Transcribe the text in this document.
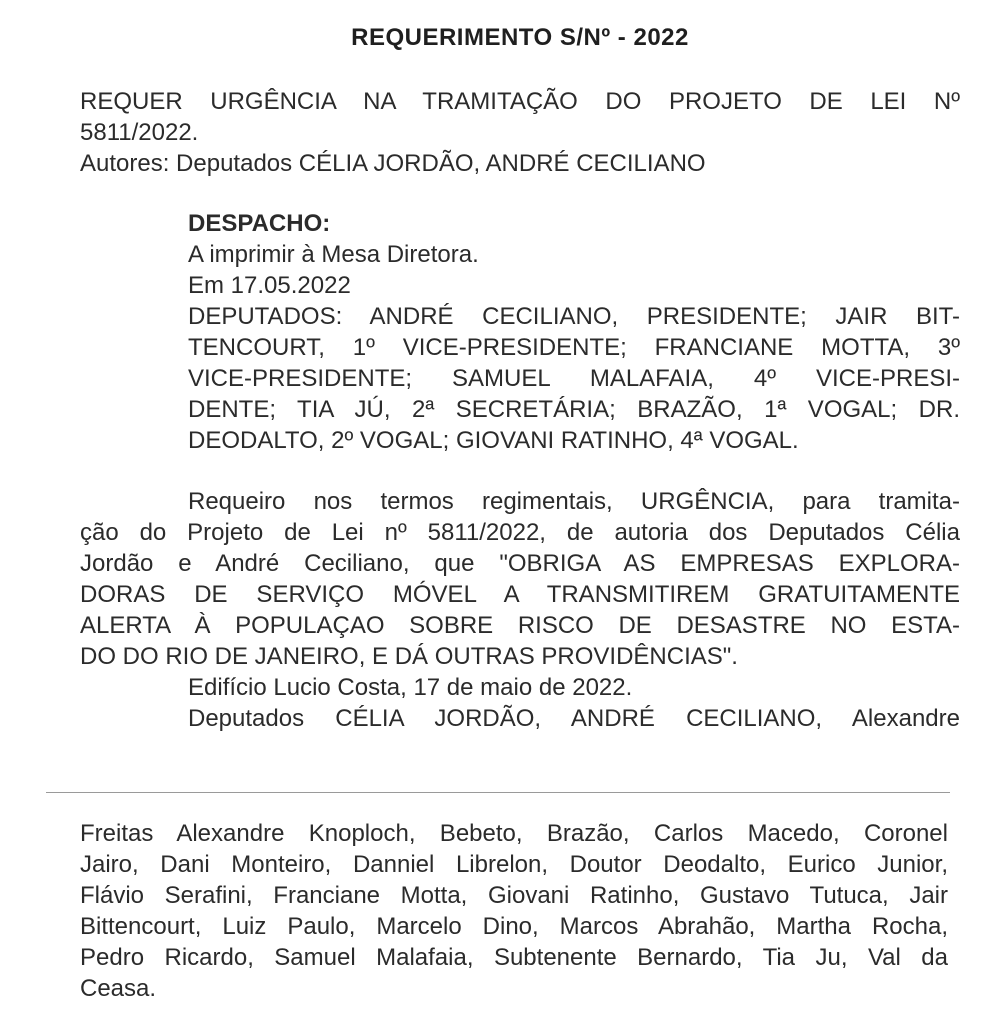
REQUERIMENTO S/Nº - 2022
REQUER URGÊNCIA NA TRAMITAÇÃO DO PROJETO DE LEI Nº
5811/2022.
Autores: Deputados CÉLIA JORDÃO, ANDRÉ CECILIANO
DESPACHO:
A imprimir à Mesa Diretora.
Em 17.05.2022
DEPUTADOS: ANDRÉ CECILIANO, PRESIDENTE; JAIR BIT-
TENCOURT, 1º VICE-PRESIDENTE; FRANCIANE MOTTA, 3º
VICE-PRESIDENTE; SAMUEL MALAFAIA, 4º VICE-PRESI-
DENTE; TIA JÚ, 2ª SECRETÁRIA; BRAZÃO, 1ª VOGAL; DR.
DEODALTO, 2º VOGAL; GIOVANI RATINHO, 4ª VOGAL.
Requeiro nos termos regimentais, URGÊNCIA, para tramita-
ção do Projeto de Lei nº 5811/2022, de autoria dos Deputados Célia
Jordão e André Ceciliano, que "OBRIGA AS EMPRESAS EXPLORA-
DORAS DE SERVIÇO MÓVEL A TRANSMITIREM GRATUITAMENTE
ALERTA À POPULAÇAO SOBRE RISCO DE DESASTRE NO ESTA-
DO DO RIO DE JANEIRO, E DÁ OUTRAS PROVIDÊNCIAS".
Edifício Lucio Costa, 17 de maio de 2022.
Deputados CÉLIA JORDÃO, ANDRÉ CECILIANO, Alexandre
Freitas Alexandre Knoploch, Bebeto, Brazão, Carlos Macedo, Coronel
Jairo, Dani Monteiro, Danniel Librelon, Doutor Deodalto, Eurico Junior,
Flávio Serafini, Franciane Motta, Giovani Ratinho, Gustavo Tutuca, Jair
Bittencourt, Luiz Paulo, Marcelo Dino, Marcos Abrahão, Martha Rocha,
Pedro Ricardo, Samuel Malafaia, Subtenente Bernardo, Tia Ju, Val da
Ceasa.
